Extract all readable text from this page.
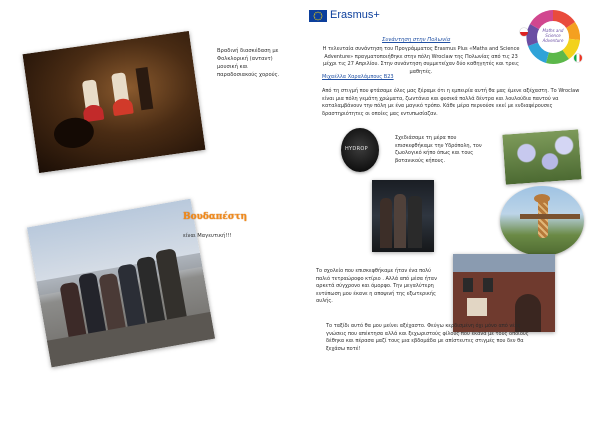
Erasmus+
Maths and Science Adventure
Βραδινή διασκέδαση με Φολκλορική (ανταντ) μουσική και παραδοσιακούς χορούς.
Βουδαπέστη
είναι Μαγευτική!!!
Συνάντηση στην Πολωνία
Η τελευταία συνάντηση του Προγράμματος Erasmus Plus «Maths and Science Adventure» πραγματοποιήθηκε στην πόλη Wroclaw της Πολωνίας από τις 23 μέχρι τις 27 Απριλίου. Στην συνάντηση συμμετείχαν δύο καθηγητές και τρεις μαθητές.
Μιχαέλλα Χαραλάμπους Β23
Από τη στιγμή που φτάσαμε όλες μας ξέραμε ότι η εμπειρία αυτή θα μας έμενε αξέχαστη. Το Wroclaw είναι μια πόλη γεμάτη χρώματα, ζωντάνια και φυσικά πολλά δέντρα και λουλούδια παντού να καταλαμβάνουν την πόλη με ένα μαγικό τρόπο. Κάθε μέρα περνούσε εκεί με ενδιαφέρουσες δραστηριότητες οι οποίες μας εντυπωσίαζαν.
HYDROP
Σχεδιάσαμε τη μέρα που επισκεφθήκαμε την Υδρόπολη, τον ζωολογικό κήπο όπως και τους βοτανικούς κήπους.
Το σχολείο που επισκεφθήκαμε ήταν ένα πολύ παλιό τετραώροφο κτίριο . Αλλά από μέσα ήταν αρκετά σύγχρονο και όμορφο. Την μεγαλύτερη εντύπωση μου έκανε η αποψινή της εξωτερικής αυλής.
Το ταξίδι αυτό θα μου μείνει αξέχαστο. Φεύγω κερδισμένη όχι μόνο από νέες γνώσεις που απέκτησα αλλά και ξεχωριστούς φίλους που έκανα με τους οποίους δέθηκα και πέρασα μαζί τους μια εβδομάδα με απίστευτες στιγμές που δεν θα ξεχάσω ποτέ!
